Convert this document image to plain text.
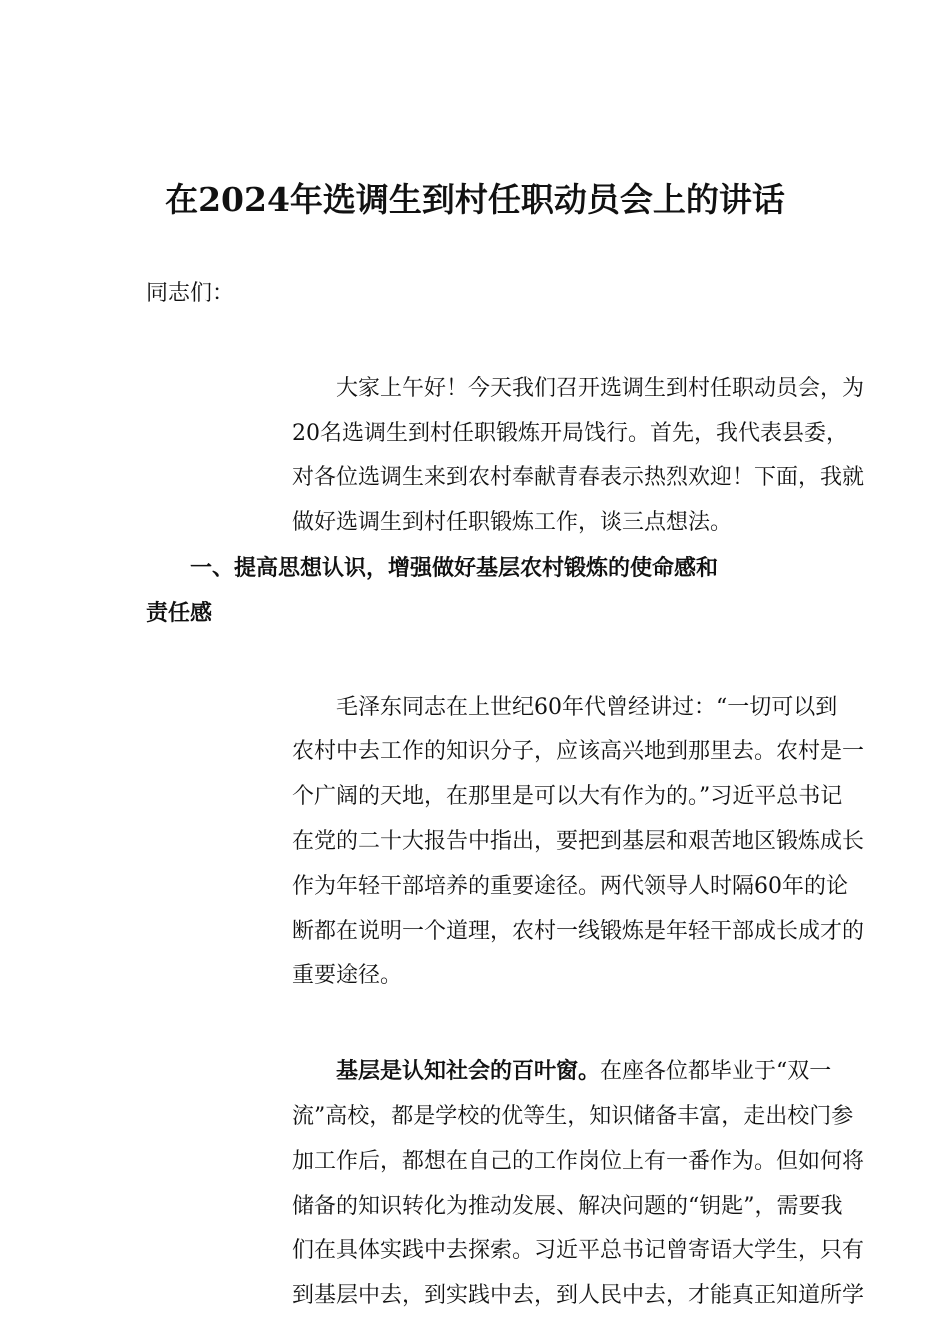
在2024年选调生到村任职动员会上的讲话
同志们：
大家上午好！今天我们召开选调生到村任职动员会，为
20名选调生到村任职锻炼开局饯行。首先，我代表县委，
对各位选调生来到农村奉献青春表示热烈欢迎！下面，我就
做好选调生到村任职锻炼工作，谈三点想法。
一、提高思想认识，增强做好基层农村锻炼的使命感和
责任感
毛泽东同志在上世纪60年代曾经讲过：“一切可以到
农村中去工作的知识分子，应该高兴地到那里去。农村是一
个广阔的天地，在那里是可以大有作为的。”习近平总书记
在党的二十大报告中指出，要把到基层和艰苦地区锻炼成长
作为年轻干部培养的重要途径。两代领导人时隔60年的论
断都在说明一个道理，农村一线锻炼是年轻干部成长成才的
重要途径。
基层是认知社会的百叶窗。在座各位都毕业于“双一
流”高校，都是学校的优等生，知识储备丰富，走出校门参
加工作后，都想在自己的工作岗位上有一番作为。但如何将
储备的知识转化为推动发展、解决问题的“钥匙”，需要我
们在具体实践中去探索。习近平总书记曾寄语大学生，只有
到基层中去，到实践中去，到人民中去，才能真正知道所学
